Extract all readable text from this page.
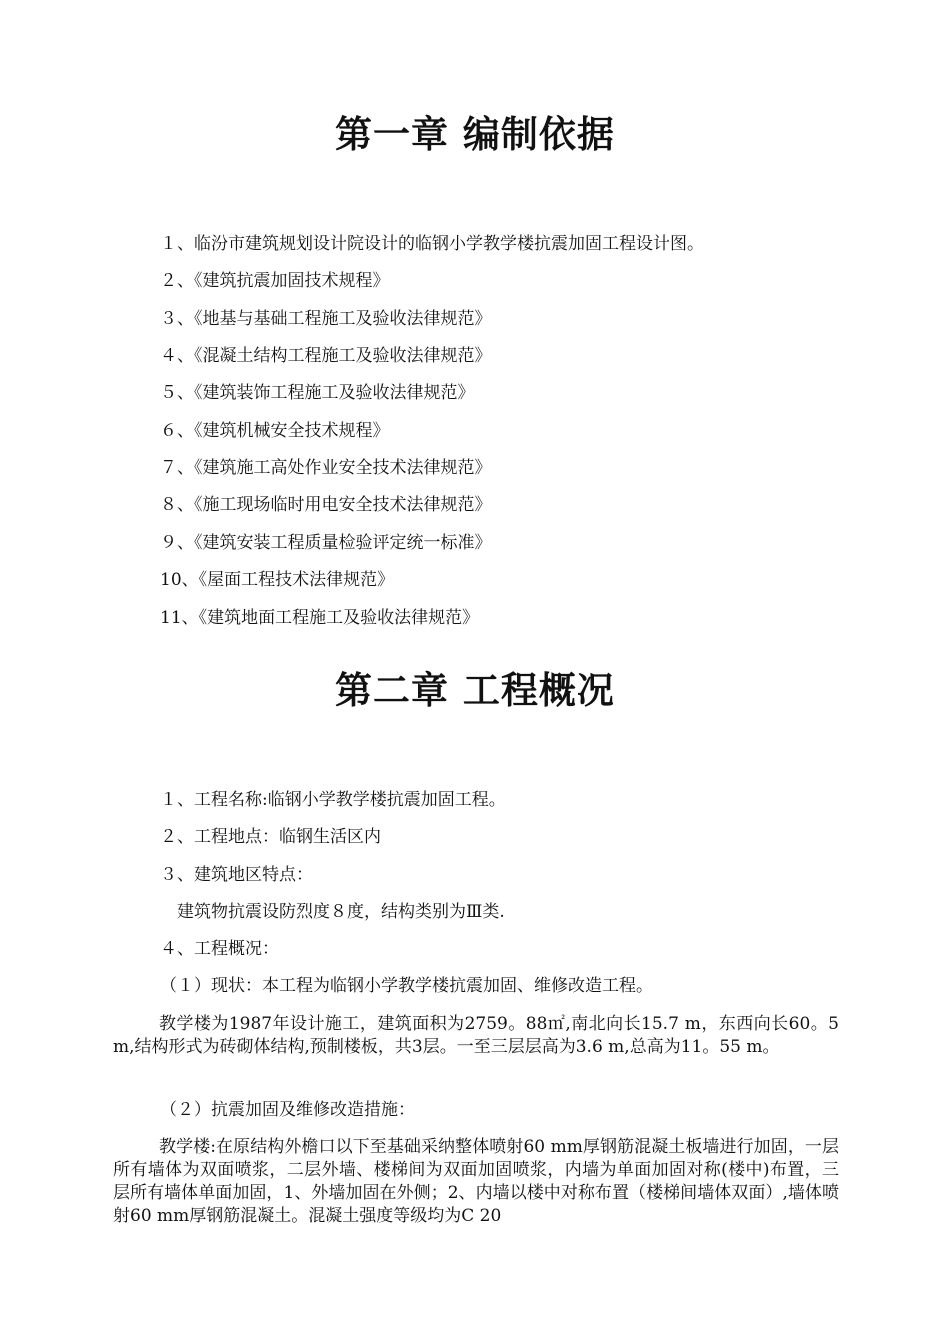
第一章 编制依据
１、临汾市建筑规划设计院设计的临钢小学教学楼抗震加固工程设计图。
２、《建筑抗震加固技术规程》
３、《地基与基础工程施工及验收法律规范》
４、《混凝土结构工程施工及验收法律规范》
５、《建筑装饰工程施工及验收法律规范》
６、《建筑机械安全技术规程》
７、《建筑施工高处作业安全技术法律规范》
８、《施工现场临时用电安全技术法律规范》
９、《建筑安装工程质量检验评定统一标准》
10、《屋面工程技术法律规范》
11、《建筑地面工程施工及验收法律规范》
第二章 工程概况
１、工程名称:临钢小学教学楼抗震加固工程。
２、工程地点：临钢生活区内
３、建筑地区特点：
建筑物抗震设防烈度８度，结构类别为Ⅲ类.
４、工程概况：
（１）现状：本工程为临钢小学教学楼抗震加固、维修改造工程。
教学楼为1987年设计施工，建筑面积为2759。88㎡,南北向长15.7 m，东西向长60。5 m,结构形式为砖砌体结构,预制楼板，共3层。一至三层层高为3.6 m,总高为11。55 m。
（２）抗震加固及维修改造措施：
教学楼:在原结构外檐口以下至基础采纳整体喷射60 mm厚钢筋混凝土板墙进行加固，一层所有墙体为双面喷浆，二层外墙、楼梯间为双面加固喷浆，内墙为单面加固对称(楼中)布置，三层所有墙体单面加固，1、外墙加固在外侧；2、内墙以楼中对称布置（楼梯间墙体双面）,墙体喷射60 mm厚钢筋混凝土。混凝土强度等级均为C 20
